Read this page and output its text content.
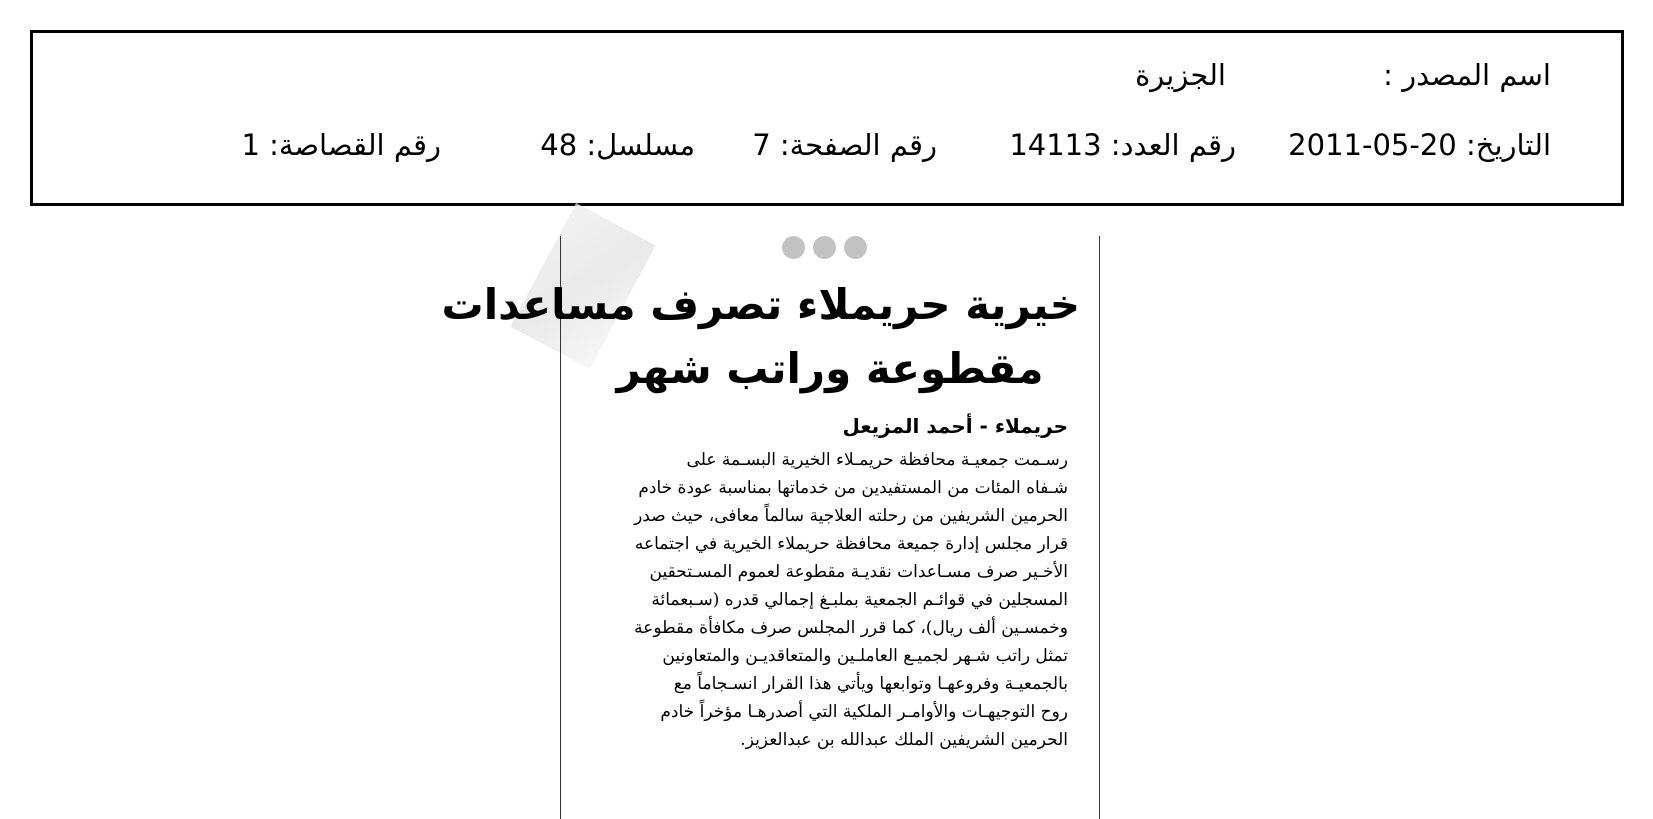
اسم المصدر :
الجزيرة
التاريخ: 20-05-2011
رقم العدد: 14113
رقم الصفحة: 7
مسلسل: 48
رقم القصاصة: 1
خيرية حريملاء تصرف مساعدات
مقطوعة وراتب شهر
حريملاء - أحمد المزيعل
رسـمت جمعيـة محافظة حريمـلاء الخيرية البسـمة على
شـفاه المئات من المستفيدين من خدماتها بمناسبة عودة خادم
الحرمين الشريفين من رحلته العلاجية سالماً معافى، حيث صدر
قرار مجلس إدارة جميعة محافظة حريملاء الخيرية في اجتماعه
الأخـير صرف مسـاعدات نقديـة مقطوعة لعموم المسـتحقين
المسجلين في قوائـم الجمعية بملبـغ إجمالي قدره (سـبعمائة
وخمسـين ألف ريال)، كما قرر المجلس صرف مكافأة مقطوعة
تمثل راتب شـهر لجميـع العاملـين والمتعاقديـن والمتعاونين
بالجمعيـة وفروعهـا وتوابعها ويأتي هذا القرار انسـجاماً مع
روح التوجيهـات والأوامـر الملكية التي أصدرهـا مؤخراً خادم
الحرمين الشريفين الملك عبدالله بن عبدالعزيز.
